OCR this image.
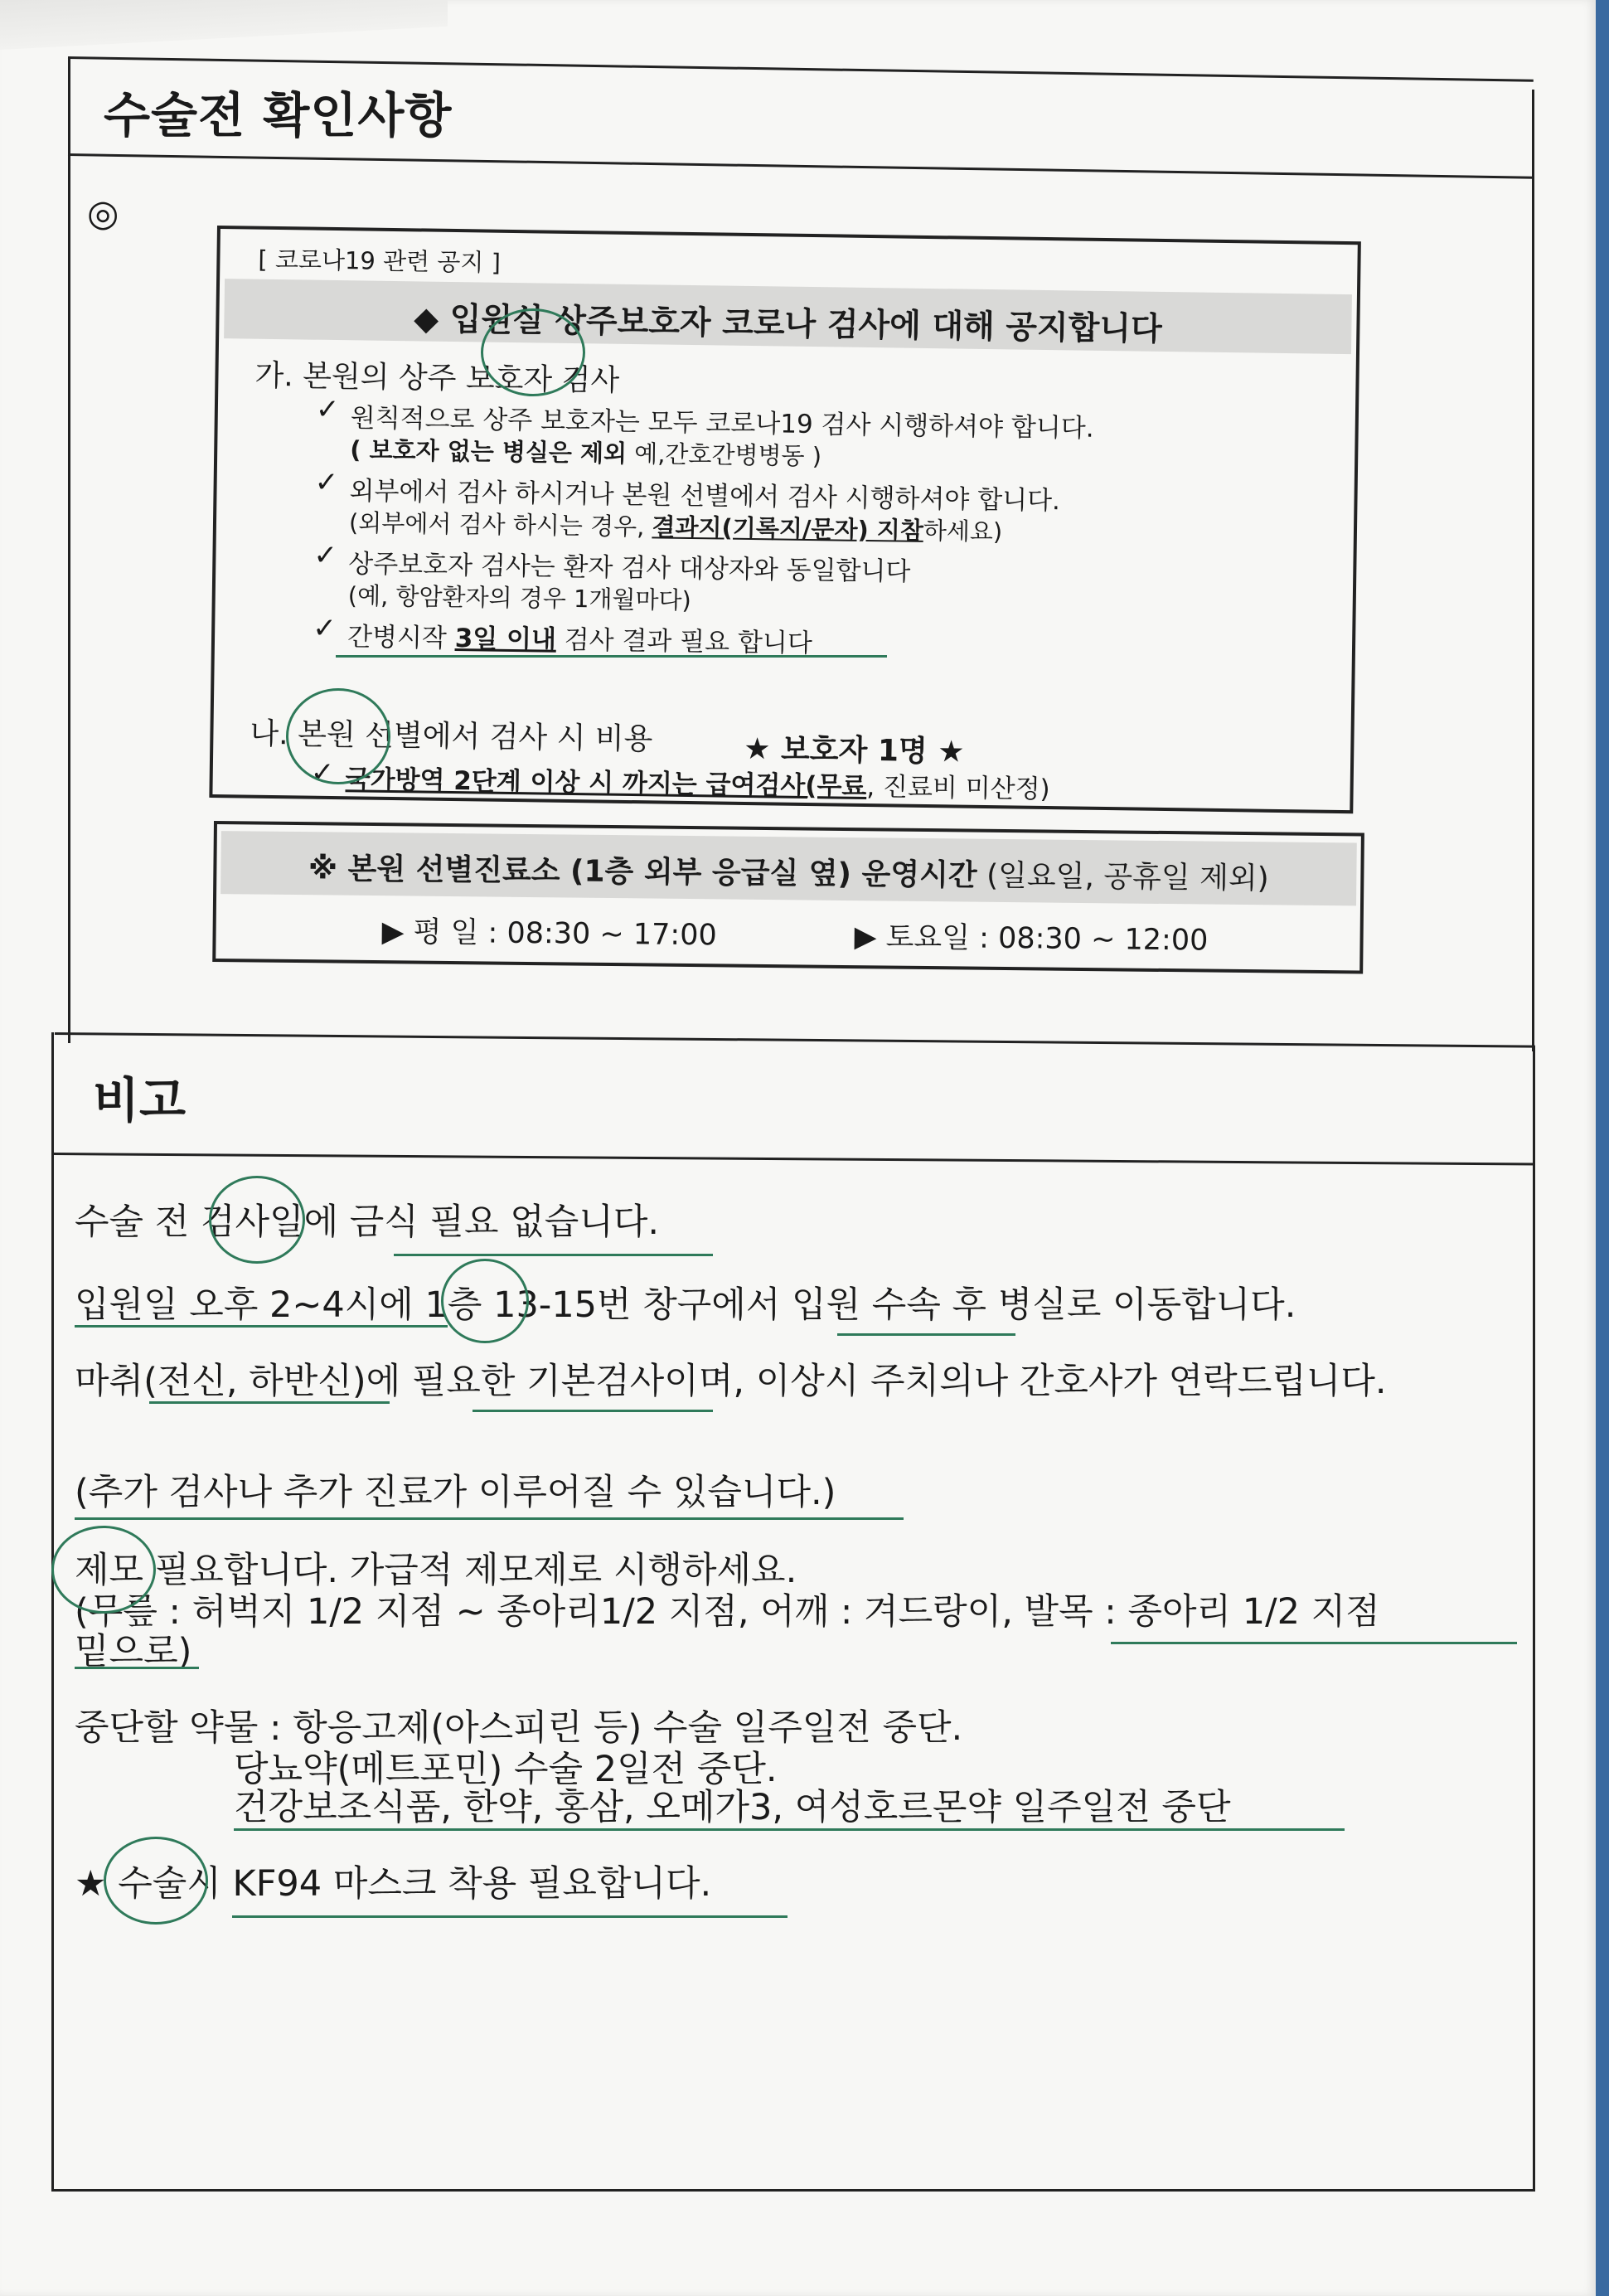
수술전 확인사항
◎
[ 코로나19 관련 공지 ]
◆ 입원실 상주보호자 코로나 검사에 대해 공지합니다
가. 본원의 상주 보호자 검사
✓ 원칙적으로 상주 보호자는 모두 코로나19 검사 시행하셔야 합니다.
( 보호자 없는 병실은 제외 예,간호간병병동 )
✓ 외부에서 검사 하시거나 본원 선별에서 검사 시행하셔야 합니다.
(외부에서 검사 하시는 경우, 결과지(기록지/문자) 지참하세요)
✓ 상주보호자 검사는 환자 검사 대상자와 동일합니다
(예, 항암환자의 경우 1개월마다)
✓ 간병시작 3일 이내 검사 결과 필요 합니다
나. 본원 선별에서 검사 시 비용	★ 보호자 1명 ★
✓ 국가방역 2단계 이상 시 까지는 급여검사(무료, 진료비 미산정)
※ 본원 선별진료소 (1층 외부 응급실 옆) 운영시간 (일요일, 공휴일 제외)
▶ 평 일 : 08:30 ~ 17:00	▶ 토요일 : 08:30 ~ 12:00
비고
수술 전 검사일에 금식 필요 없습니다.
입원일 오후 2~4시에 1층 13-15번 창구에서 입원 수속 후 병실로 이동합니다.
마취(전신, 하반신)에 필요한 기본검사이며, 이상시 주치의나 간호사가 연락드립니다.
(추가 검사나 추가 진료가 이루어질 수 있습니다.)
제모 필요합니다. 가급적 제모제로 시행하세요.
(무릎 : 허벅지 1/2 지점 ~ 종아리1/2 지점, 어깨 : 겨드랑이, 발목 : 종아리 1/2 지점
밑으로)
중단할 약물 : 항응고제(아스피린 등) 수술 일주일전 중단.
당뇨약(메트포민) 수술 2일전 중단.
건강보조식품, 한약, 홍삼, 오메가3, 여성호르몬약 일주일전 중단
★ 수술시 KF94 마스크 착용 필요합니다.
